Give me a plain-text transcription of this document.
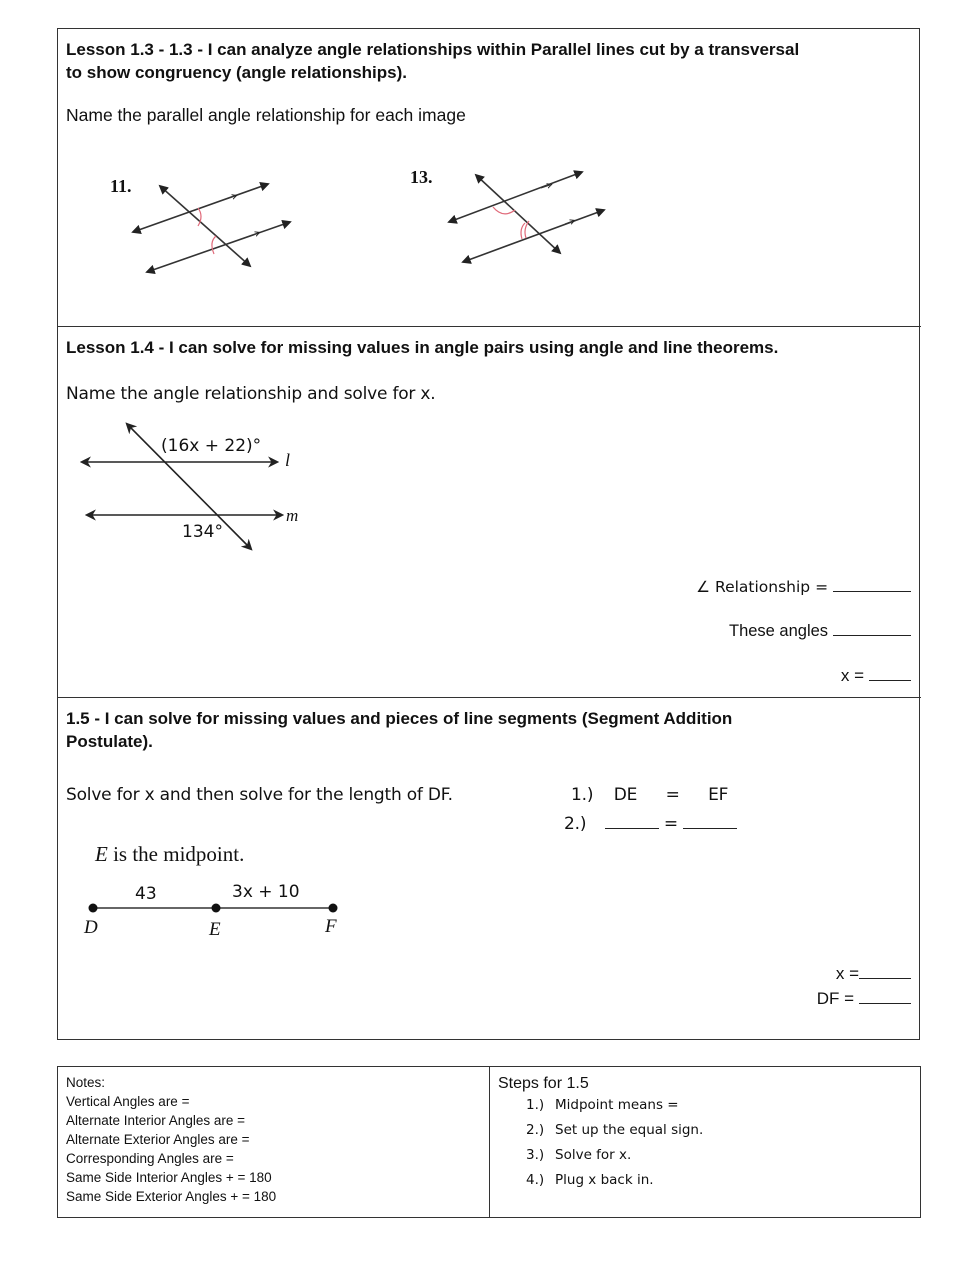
Lesson 1.3 - 1.3 - I can analyze angle relationships within Parallel lines cut by a transversal
to show congruency (angle relationships).
Name the parallel angle relationship for each image
11.	13.
Lesson 1.4 - I can solve for missing values in angle pairs using angle and line theorems.
Name the angle relationship and solve for x.
(16x + 22)°
l
m
134°
∠ Relationship =
These angles
x =
1.5 - I can solve for missing values and pieces of line segments (Segment Addition
Postulate).
Solve for x and then solve for the length of DF.	1.) DE = EF
2.)	=
E is the midpoint.
43	3x + 10
D	E	F
x =
DF =
Notes:
Vertical Angles are =
Alternate Interior Angles are =
Alternate Exterior Angles are =
Corresponding Angles are =
Same Side Interior Angles + = 180
Same Side Exterior Angles + = 180
Steps for 1.5
1.) Midpoint means =
2.) Set up the equal sign.
3.) Solve for x.
4.) Plug x back in.
